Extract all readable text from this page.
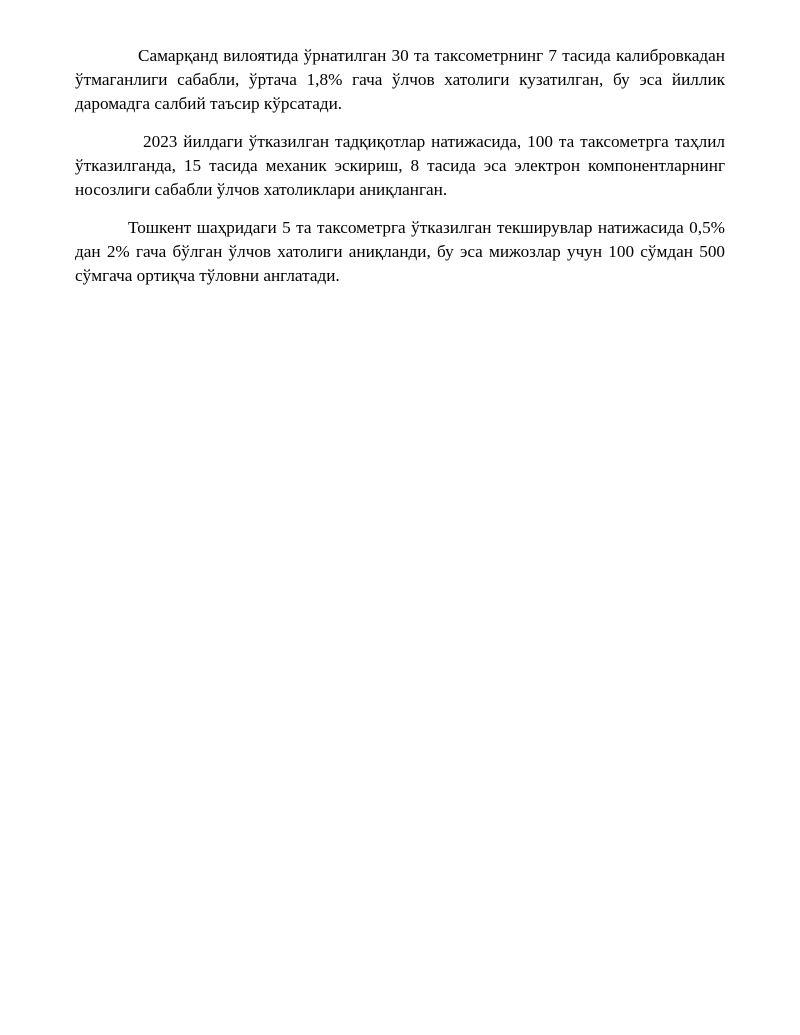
Самарқанд вилоятида ўрнатилган 30 та таксометрнинг 7 тасида калибровкадан ўтмаганлиги сабабли, ўртача 1,8% гача ўлчов хатолиги кузатилган, бу эса йиллик даромадга салбий таъсир кўрсатади.

2023 йилдаги ўтказилган тадқиқотлар натижасида, 100 та таксометрга таҳлил ўтказилганда, 15 тасида механик эскириш, 8 тасида эса электрон компонентларнинг носозлиги сабабли ўлчов хатоликлари аниқланган.

Тошкент шаҳридаги 5 та таксометрга ўтказилган текширувлар натижасида 0,5% дан 2% гача бўлган ўлчов хатолиги аниқланди, бу эса мижозлар учун 100 сўмдан 500 сўмгача ортиқча тўловни англатади.
